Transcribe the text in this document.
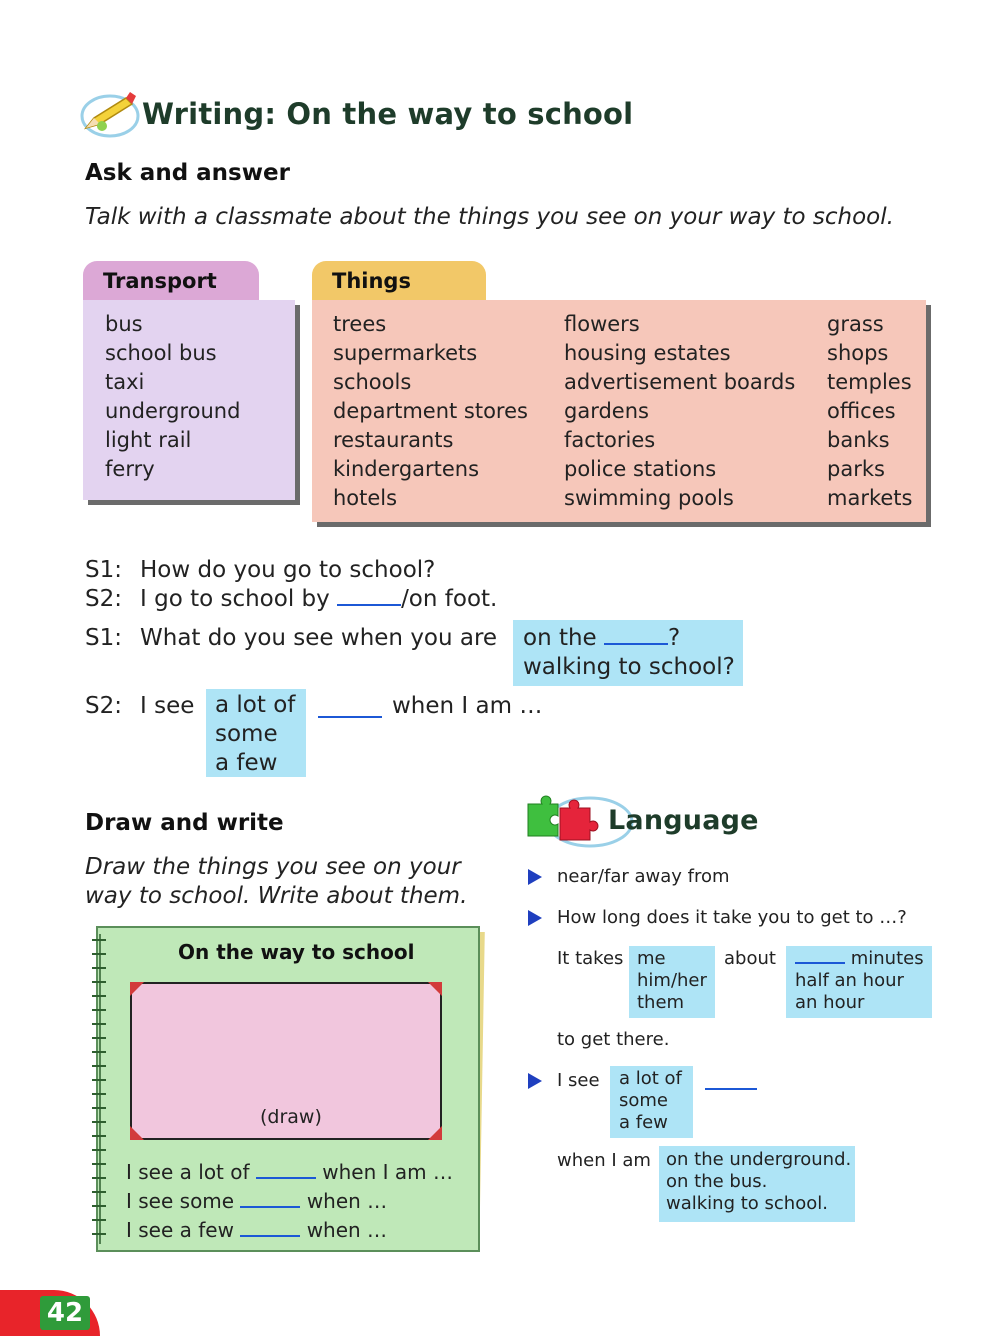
Writing: On the way to school
Ask and answer
Talk with a classmate about the things you see on your way to school.
Transport
bus
school bus
taxi
underground
light rail
ferry
Things
trees
supermarkets
schools
department stores
restaurants
kindergartens
hotels
flowers
housing estates
advertisement boards
gardens
factories
police stations
swimming pools
grass
shops
temples
offices
banks
parks
markets
S1: How do you go to school?
S2: I go to school by	/on foot.
S1: What do you see when you are on the	?
walking to school?
S2: I see a lot of
some
a few
when I am …
Draw and write
Draw the things you see on your
way to school. Write about them.
On the way to school
(draw)
I see a lot of	when I am …
I see some	when …
I see a few	when …
Language
near/far away from
How long does it take you to get to …?
It takes me
him/her
them
about	minutes
half an hour
an hour
to get there.
I see a lot of
some
a few
when I am on the underground.
on the bus.
walking to school.
42
